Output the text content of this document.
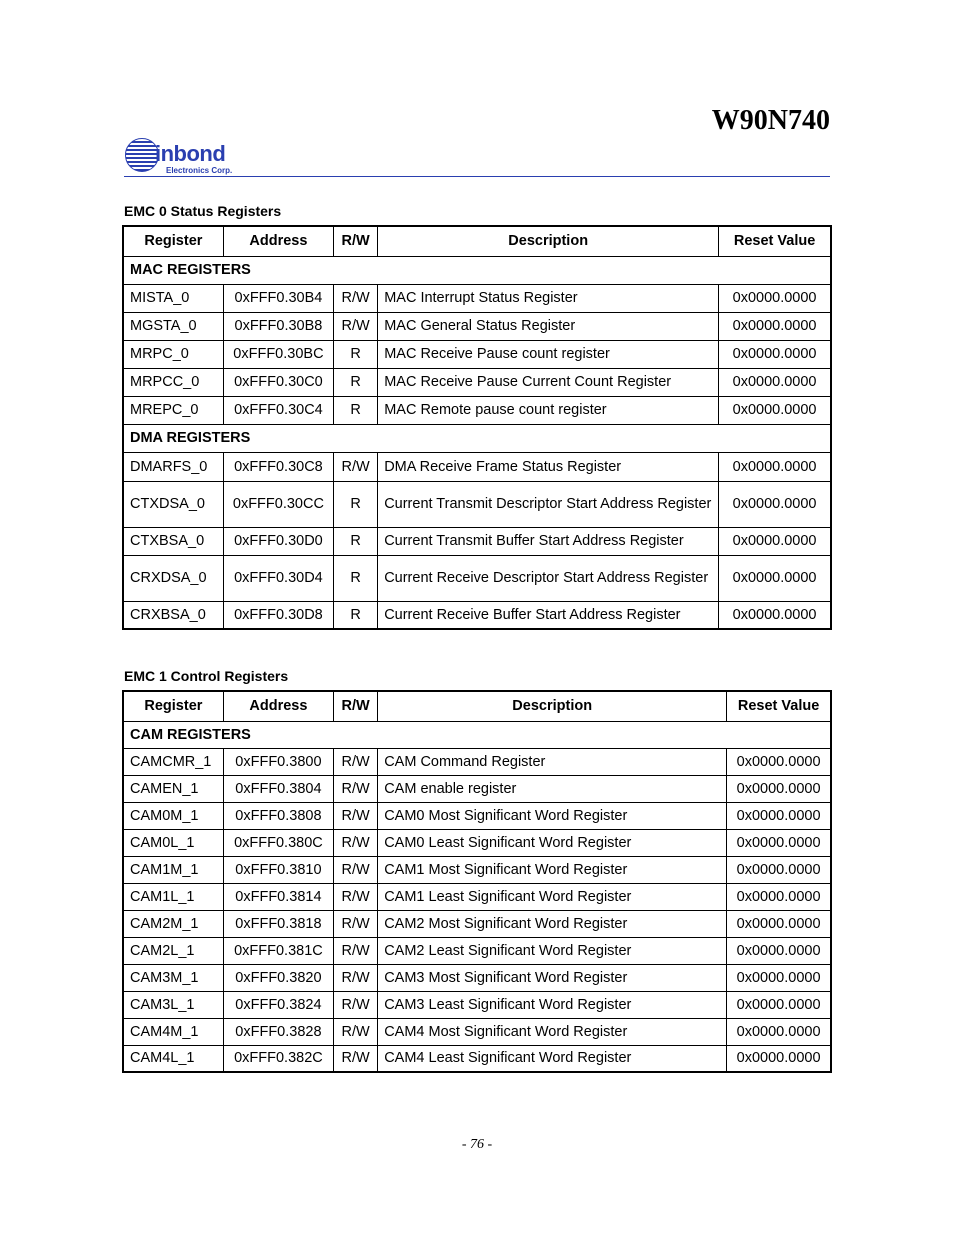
W90N740
inbond
Electronics Corp.
EMC 0 Status Registers
Register	Address	R/W	Description	Reset Value
MAC REGISTERS				
MISTA_0	0xFFF0.30B4	R/W	MAC Interrupt Status Register	0x0000.0000
MGSTA_0	0xFFF0.30B8	R/W	MAC General Status Register	0x0000.0000
MRPC_0	0xFFF0.30BC	R	MAC Receive Pause count register	0x0000.0000
MRPCC_0	0xFFF0.30C0	R	MAC Receive Pause Current Count Register	0x0000.0000
MREPC_0	0xFFF0.30C4	R	MAC Remote pause count register	0x0000.0000
DMA REGISTERS				
DMARFS_0	0xFFF0.30C8	R/W	DMA Receive Frame Status Register	0x0000.0000
CTXDSA_0	0xFFF0.30CC	R	Current Transmit Descriptor Start Address Register	0x0000.0000
CTXBSA_0	0xFFF0.30D0	R	Current Transmit Buffer Start Address Register	0x0000.0000
CRXDSA_0	0xFFF0.30D4	R	Current Receive Descriptor Start Address Register	0x0000.0000
CRXBSA_0	0xFFF0.30D8	R	Current Receive Buffer Start Address Register	0x0000.0000
EMC 1 Control Registers
Register	Address	R/W	Description	Reset Value
CAM REGISTERS				
CAMCMR_1	0xFFF0.3800	R/W	CAM Command Register	0x0000.0000
CAMEN_1	0xFFF0.3804	R/W	CAM enable register	0x0000.0000
CAM0M_1	0xFFF0.3808	R/W	CAM0 Most Significant Word Register	0x0000.0000
CAM0L_1	0xFFF0.380C	R/W	CAM0 Least Significant Word Register	0x0000.0000
CAM1M_1	0xFFF0.3810	R/W	CAM1 Most Significant Word Register	0x0000.0000
CAM1L_1	0xFFF0.3814	R/W	CAM1 Least Significant Word Register	0x0000.0000
CAM2M_1	0xFFF0.3818	R/W	CAM2 Most Significant Word Register	0x0000.0000
CAM2L_1	0xFFF0.381C	R/W	CAM2 Least Significant Word Register	0x0000.0000
CAM3M_1	0xFFF0.3820	R/W	CAM3 Most Significant Word Register	0x0000.0000
CAM3L_1	0xFFF0.3824	R/W	CAM3 Least Significant Word Register	0x0000.0000
CAM4M_1	0xFFF0.3828	R/W	CAM4 Most Significant Word Register	0x0000.0000
CAM4L_1	0xFFF0.382C	R/W	CAM4 Least Significant Word Register	0x0000.0000
- 76 -
